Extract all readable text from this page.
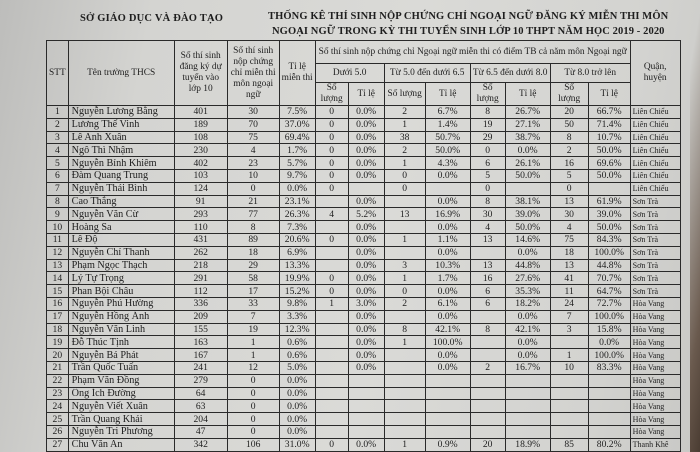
SỞ GIÁO DỤC VÀ ĐÀO TẠO	THỐNG KÊ THÍ SINH NỘP CHỨNG CHỈ NGOẠI NGỮ ĐĂNG KÝ MIỄN THI MÔN
NGOẠI NGỮ TRONG KỲ THI TUYỂN SINH LỚP 10 THPT NĂM HỌC 2019 - 2020
STT	Tên trường THCS	Số thí sinh đăng ký dự tuyển vào lớp 10	Số thí sinh nộp chứng chỉ miễn thi môn ngoại ngữ	Tỉ lệ miễn thi	Số thí sinh nộp chứng chỉ Ngoại ngữ miễn thi có điểm TB cả năm môn Ngoại ngữ								Quận, huyện
					Dưới 5.0		Từ 5.0 đến dưới 6.5		Từ 6.5 đến dưới 8.0		Từ 8.0 trở lên		
					Số lượng	Tỉ lệ	Số lượng	Tỉ lệ	Số lượng	Tỉ lệ	Số lượng	Tỉ lệ	
1	Nguyễn Lương Bằng	401	30	7.5%	0	0.0%	2	6.7%	8	26.7%	20	66.7%	Liên Chiểu
2	Lương Thế Vinh	189	70	37.0%	0	0.0%	1	1.4%	19	27.1%	50	71.4%	Liên Chiểu
3	Lê Anh Xuân	108	75	69.4%	0	0.0%	38	50.7%	29	38.7%	8	10.7%	Liên Chiểu
4	Ngô Thì Nhậm	230	4	1.7%	0	0.0%	2	50.0%	0	0.0%	2	50.0%	Liên Chiểu
5	Nguyễn Bỉnh Khiêm	402	23	5.7%	0	0.0%	1	4.3%	6	26.1%	16	69.6%	Liên Chiểu
6	Đàm Quang Trung	103	10	9.7%	0	0.0%	0	0.0%	5	50.0%	5	50.0%	Liên Chiểu
7	Nguyễn Thái Bình	124	0	0.0%	0		0		0		0		Liên Chiểu
8	Cao Thắng	91	21	23.1%		0.0%		0.0%	8	38.1%	13	61.9%	Sơn Trà
9	Nguyễn Văn Cừ	293	77	26.3%	4	5.2%	13	16.9%	30	39.0%	30	39.0%	Sơn Trà
10	Hoàng Sa	110	8	7.3%		0.0%		0.0%	4	50.0%	4	50.0%	Sơn Trà
11	Lê Độ	431	89	20.6%	0	0.0%	1	1.1%	13	14.6%	75	84.3%	Sơn Trà
12	Nguyễn Chí Thanh	262	18	6.9%		0.0%		0.0%		0.0%	18	100.0%	Sơn Trà
13	Phạm Ngọc Thạch	218	29	13.3%		0.0%	3	10.3%	13	44.8%	13	44.8%	Sơn Trà
14	Lý Tự Trọng	291	58	19.9%	0	0.0%	1	1.7%	16	27.6%	41	70.7%	Sơn Trà
15	Phan Bội Châu	112	17	15.2%	0	0.0%	0	0.0%	6	35.3%	11	64.7%	Sơn Trà
16	Nguyễn Phú Hường	336	33	9.8%	1	3.0%	2	6.1%	6	18.2%	24	72.7%	Hòa Vang
17	Nguyễn Hồng Ánh	209	7	3.3%		0.0%		0.0%		0.0%	7	100.0%	Hòa Vang
18	Nguyễn Văn Linh	155	19	12.3%		0.0%	8	42.1%	8	42.1%	3	15.8%	Hòa Vang
19	Đỗ Thúc Tịnh	163	1	0.6%		0.0%	1	100.0%		0.0%		0.0%	Hòa Vang
20	Nguyễn Bá Phát	167	1	0.6%		0.0%		0.0%		0.0%	1	100.0%	Hòa Vang
21	Trần Quốc Tuấn	241	12	5.0%		0.0%		0.0%	2	16.7%	10	83.3%	Hòa Vang
22	Phạm Văn Đồng	279	0	0.0%									Hòa Vang
23	Ông Ích Đường	64	0	0.0%									Hòa Vang
24	Nguyễn Viết Xuân	63	0	0.0%									Hòa Vang
25	Trần Quang Khải	204	0	0.0%									Hòa Vang
26	Nguyễn Tri Phương	47	0	0.0%									Hòa Vang
27	Chu Văn An	342	106	31.0%	0	0.0%	1	0.9%	20	18.9%	85	80.2%	Thanh Khê
